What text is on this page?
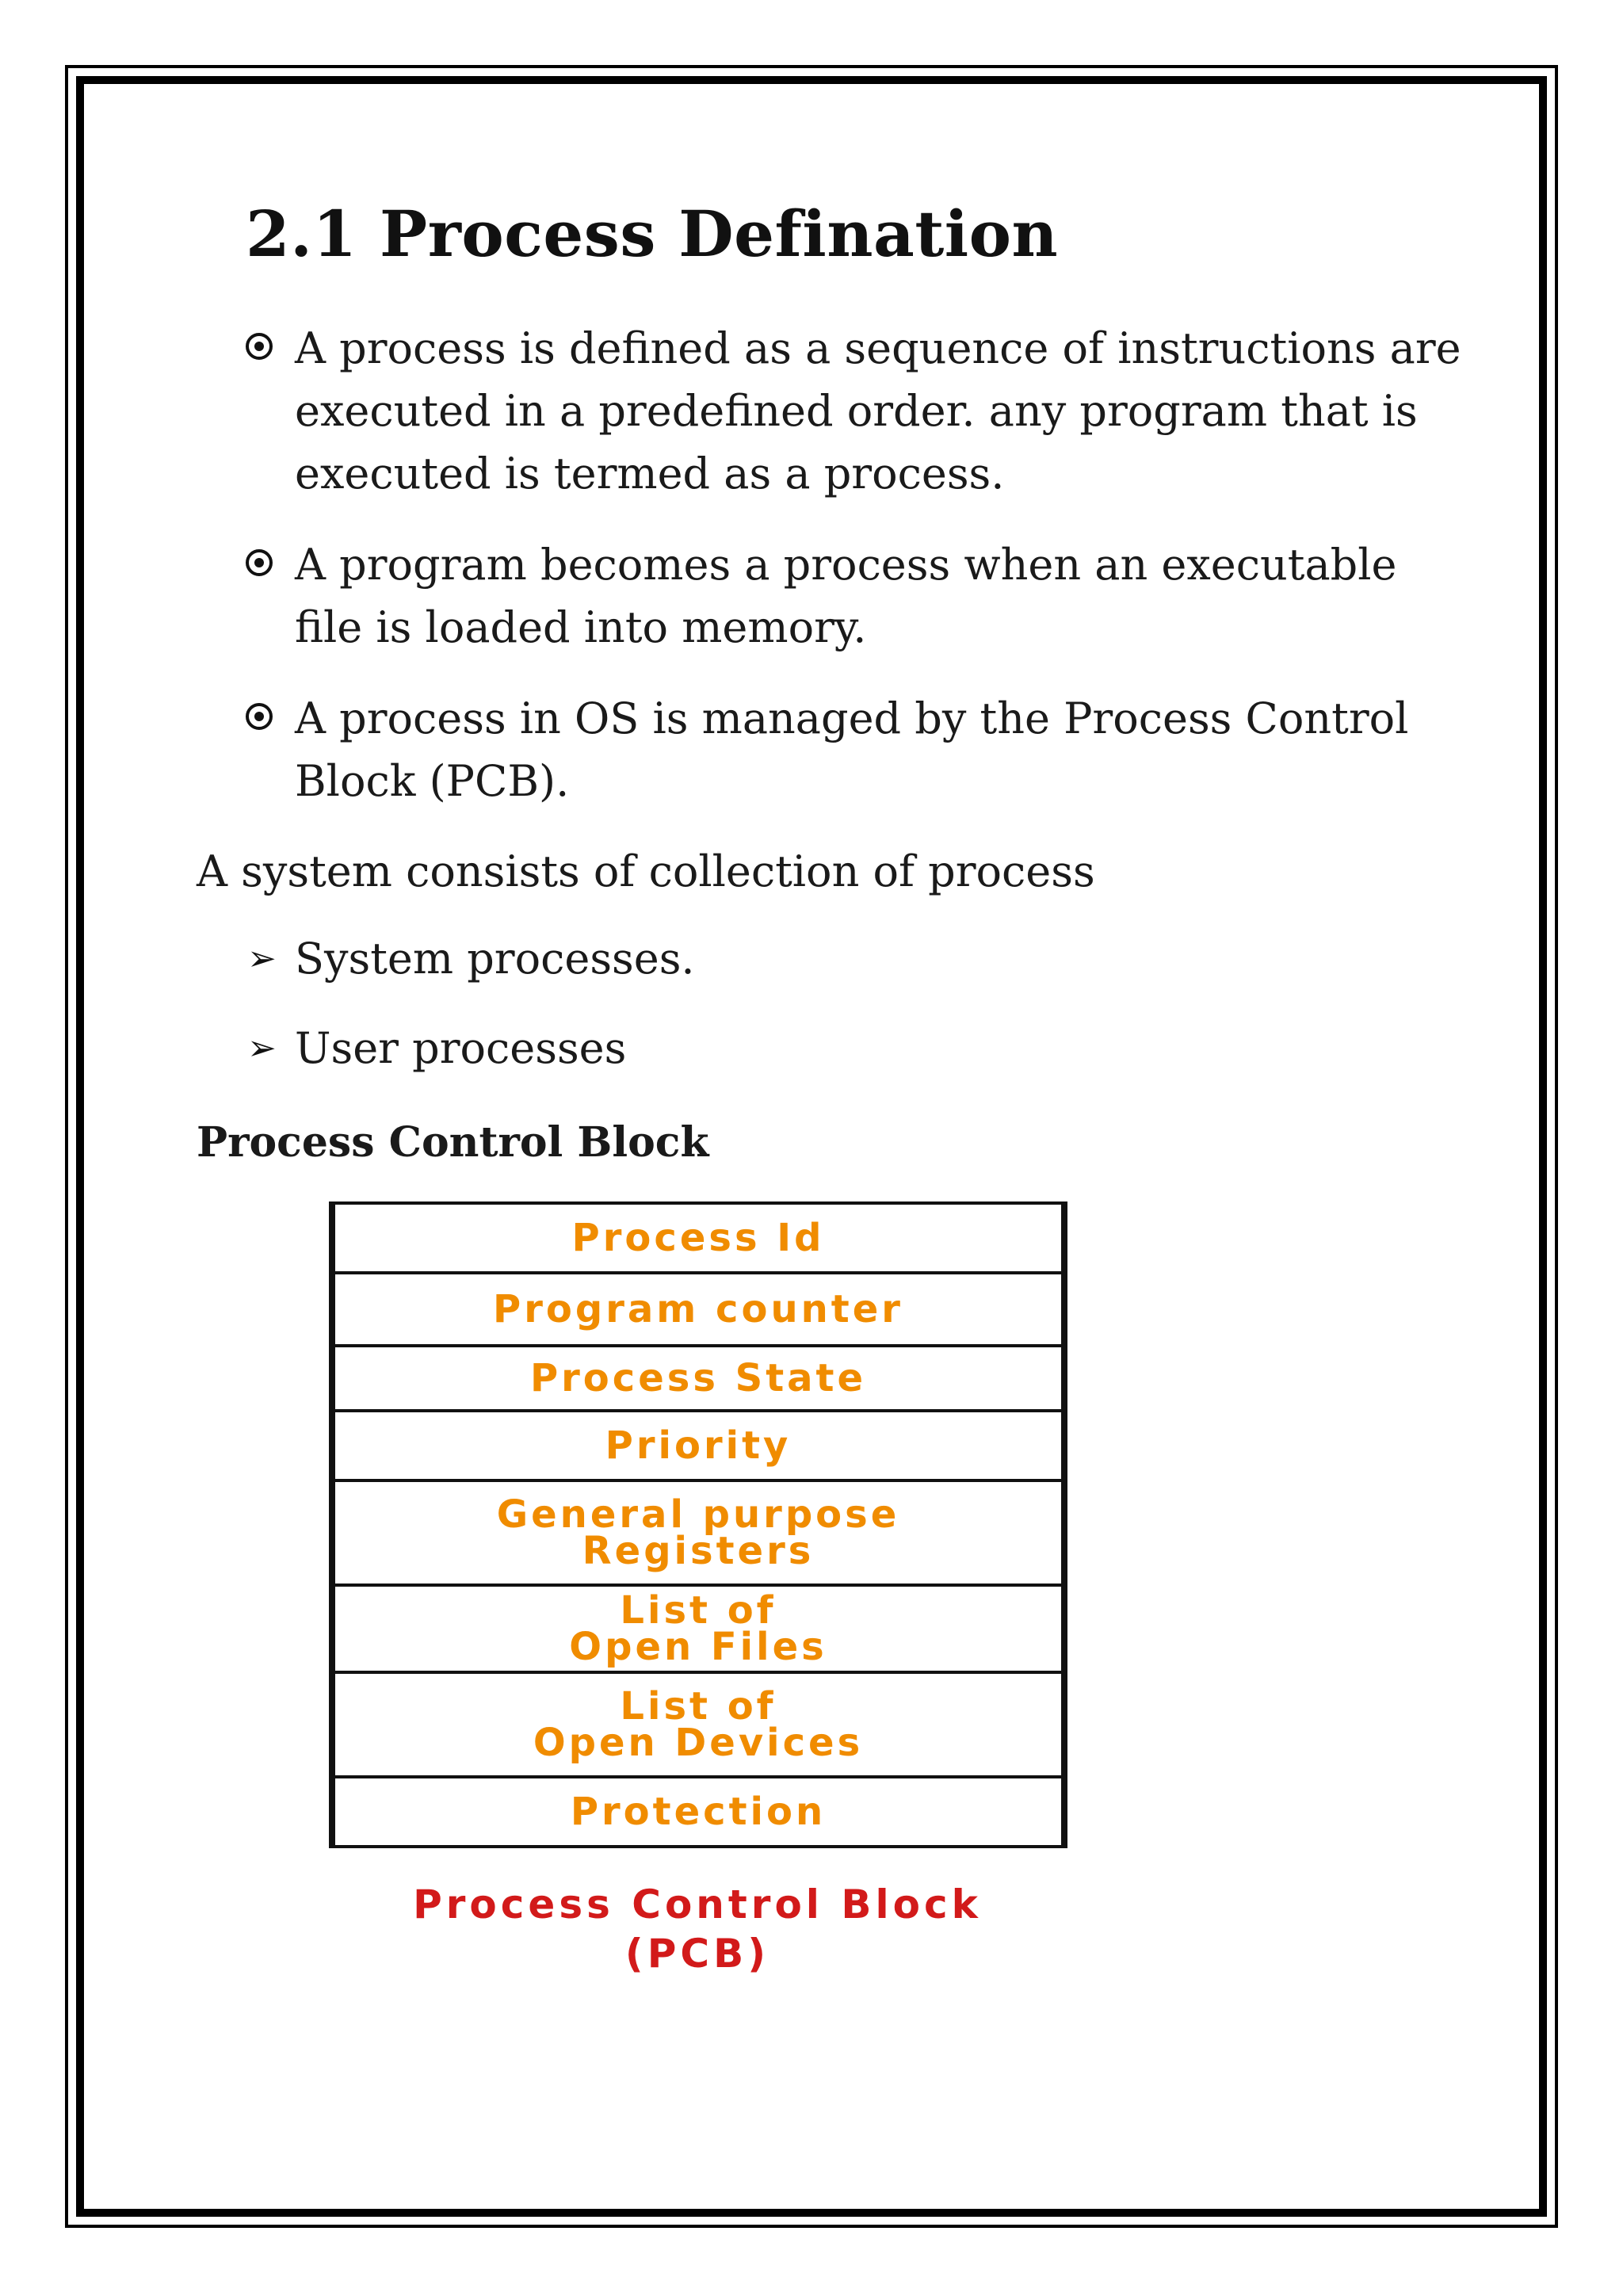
2.1 Process Defination
A process is defined as a sequence of instructions are executed in a predefined order. any program that is executed is termed as a process.
A program becomes a process when an executable file is loaded into memory.
A process in OS is managed by the Process Control Block (PCB).

A system consists of collection of process

➢ System processes.
➢ User processes
Process Control Block
Process Id
Program counter
Process State
Priority
General purpose
Registers
List of
Open Files
List of
Open Devices
Protection

Process Control Block
(PCB)
